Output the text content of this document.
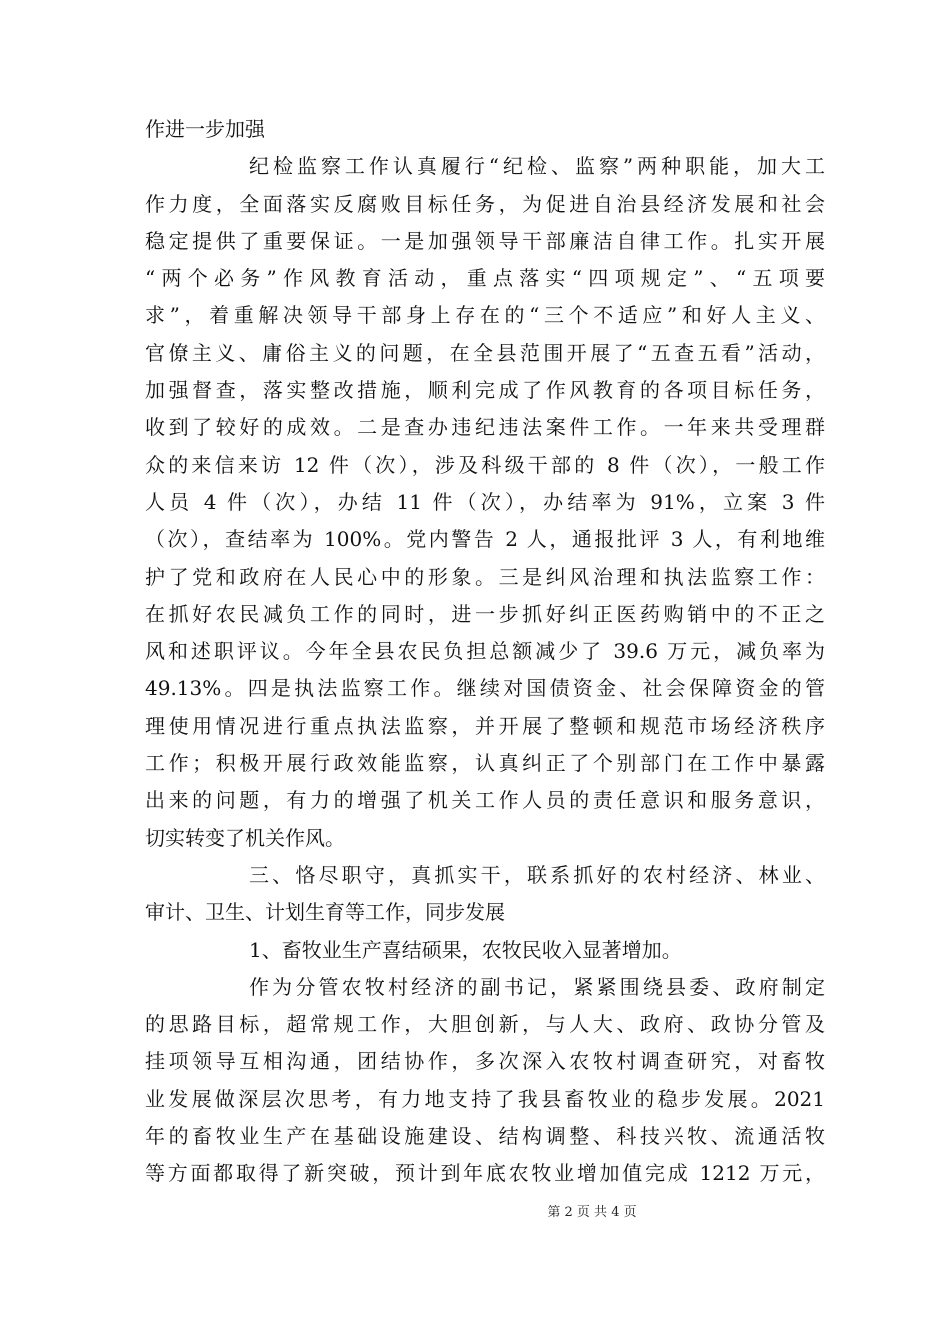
作进一步加强
纪检监察工作认真履行“纪检、监察”两种职能，加大工
作力度，全面落实反腐败目标任务，为促进自治县经济发展和社会
稳定提供了重要保证。一是加强领导干部廉洁自律工作。扎实开展
“两个必务”作风教育活动，重点落实“四项规定”、“五项要
求”，着重解决领导干部身上存在的“三个不适应”和好人主义、
官僚主义、庸俗主义的问题，在全县范围开展了“五查五看”活动，
加强督查，落实整改措施，顺利完成了作风教育的各项目标任务，
收到了较好的成效。二是查办违纪违法案件工作。一年来共受理群
众的来信来访 12 件（次），涉及科级干部的 8 件（次），一般工作
人员 4 件（次），办结 11 件（次），办结率为 91%，立案 3 件
（次），查结率为 100%。党内警告 2 人，通报批评 3 人，有利地维
护了党和政府在人民心中的形象。三是纠风治理和执法监察工作：
在抓好农民减负工作的同时，进一步抓好纠正医药购销中的不正之
风和述职评议。今年全县农民负担总额减少了 39.6 万元，减负率为
49.13%。四是执法监察工作。继续对国债资金、社会保障资金的管
理使用情况进行重点执法监察，并开展了整顿和规范市场经济秩序
工作；积极开展行政效能监察，认真纠正了个别部门在工作中暴露
出来的问题，有力的增强了机关工作人员的责任意识和服务意识，
切实转变了机关作风。
三、恪尽职守，真抓实干，联系抓好的农村经济、林业、
审计、卫生、计划生育等工作，同步发展
1、畜牧业生产喜结硕果，农牧民收入显著增加。
作为分管农牧村经济的副书记，紧紧围绕县委、政府制定
的思路目标，超常规工作，大胆创新，与人大、政府、政协分管及
挂项领导互相沟通，团结协作，多次深入农牧村调查研究，对畜牧
业发展做深层次思考，有力地支持了我县畜牧业的稳步发展。2021
年的畜牧业生产在基础设施建设、结构调整、科技兴牧、流通活牧
等方面都取得了新突破，预计到年底农牧业增加值完成 1212 万元，
第 2 页 共 4 页
